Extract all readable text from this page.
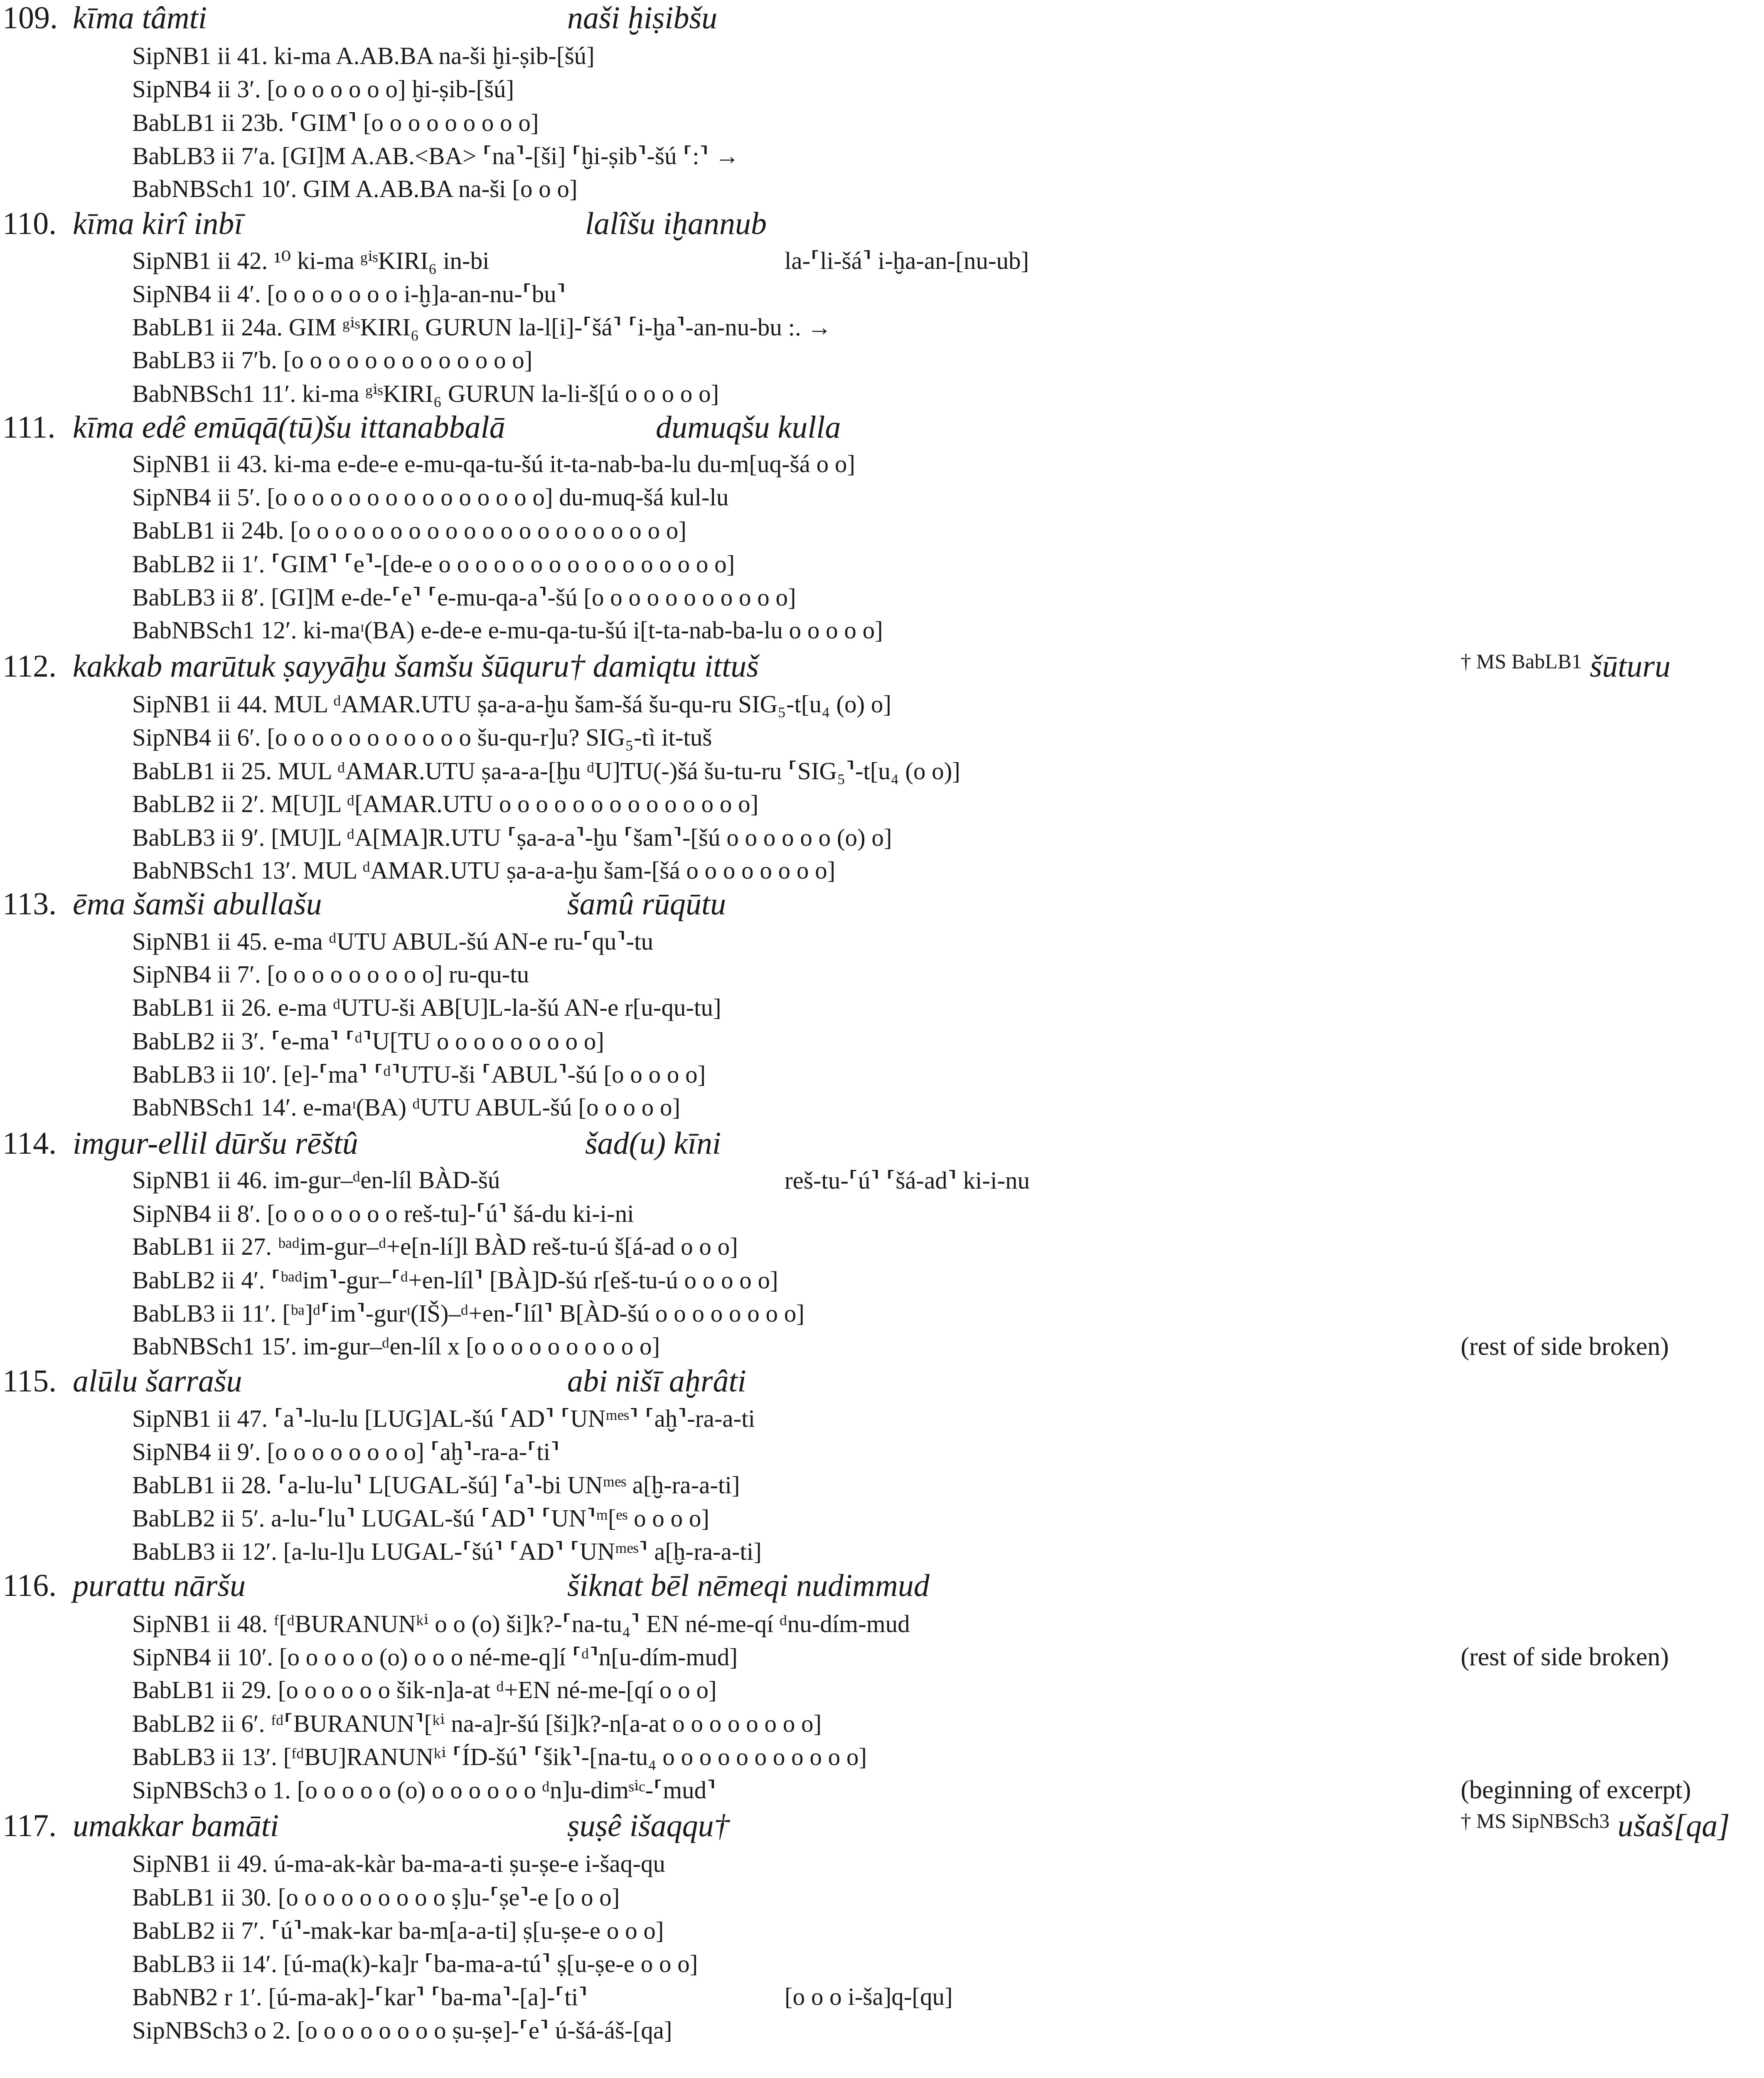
109. kīma tâmti	naši ḫiṣibšu
SipNB1 ii 41. ki-ma A.AB.BA na-ši ḫi-ṣib-[šú]
SipNB4 ii 3′. [o o o o o o o] ḫi-ṣib-[šú]
BabLB1 ii 23b. ⸢GIM⸣ [o o o o o o o o o]
BabLB3 ii 7′a. [GI]M A.AB.<BA> ⸢na⸣-[ši] ⸢ḫi-ṣib⸣-šú ⸢:⸣ →
BabNBSch1 10′. GIM A.AB.BA na-ši [o o o]
110. kīma kirî inbī	lalîšu iḫannub
SipNB1 ii 42. ¹⁰ ki-ma ᵍⁱˢKIRI₆ in-bi	la-⸢li-šá⸣ i-ḫa-an-[nu-ub]
SipNB4 ii 4′. [o o o o o o o i-ḫ]a-an-nu-⸢bu⸣
BabLB1 ii 24a. GIM ᵍⁱˢKIRI₆ GURUN la-l[i]-⸢šá⸣ ⸢i-ḫa⸣-an-nu-bu :. →
BabLB3 ii 7′b. [o o o o o o o o o o o o o]
BabNBSch1 11′. ki-ma ᵍⁱˢKIRI₆ GURUN la-li-š[ú o o o o o]
111. kīma edê emūqā(tū)šu ittanabbalā	dumuqšu kulla
SipNB1 ii 43. ki-ma e-de-e e-mu-qa-tu-šú it-ta-nab-ba-lu du-m[uq-šá o o]
SipNB4 ii 5′. [o o o o o o o o o o o o o o o] du-muq-šá kul-lu
BabLB1 ii 24b. [o o o o o o o o o o o o o o o o o o o o o]
BabLB2 ii 1′. ⸢GIM⸣ ⸢e⸣-[de-e o o o o o o o o o o o o o o o o]
BabLB3 ii 8′. [GI]M e-de-⸢e⸣ ⸢e-mu-qa-a⸣-šú [o o o o o o o o o o o]
BabNBSch1 12′. ki-maᶦ(BA) e-de-e e-mu-qa-tu-šú i[t-ta-nab-ba-lu o o o o o]
112. kakkab marūtuk ṣayyāḫu šamšu šūquru† damiqtu ittuš	$^{\dagger MS BabLB1}$ šūturu
SipNB1 ii 44. MUL ᵈAMAR.UTU ṣa-a-a-ḫu šam-šá šu-qu-ru SIG₅-t[u₄ (o) o]
SipNB4 ii 6′. [o o o o o o o o o o o šu-qu-r]u? SIG₅-tì it-tuš
BabLB1 ii 25. MUL ᵈAMAR.UTU ṣa-a-a-[ḫu ᵈU]TU(-)šá šu-tu-ru ⸢SIG₅⸣-t[u₄ (o o)]
BabLB2 ii 2′. M[U]L ᵈ[AMAR.UTU o o o o o o o o o o o o o o]
BabLB3 ii 9′. [MU]L ᵈA[MA]R.UTU ⸢ṣa-a-a⸣-ḫu ⸢šam⸣-[šú o o o o o o (o) o]
BabNBSch1 13′. MUL ᵈAMAR.UTU ṣa-a-a-ḫu šam-[šá o o o o o o o o]
113. ēma šamši abullašu	šamû rūqūtu
SipNB1 ii 45. e-ma ᵈUTU ABUL-šú AN-e ru-⸢qu⸣-tu
SipNB4 ii 7′. [o o o o o o o o o] ru-qu-tu
BabLB1 ii 26. e-ma ᵈUTU-ši AB[U]L-la-šú AN-e r[u-qu-tu]
BabLB2 ii 3′. ⸢e-ma⸣ ⸢ᵈ⸣U[TU o o o o o o o o o]
BabLB3 ii 10′. [e]-⸢ma⸣ ⸢ᵈ⸣UTU-ši ⸢ABUL⸣-šú [o o o o o]
BabNBSch1 14′. e-maᶦ(BA) ᵈUTU ABUL-šú [o o o o o]
114. imgur-ellil dūršu rēštû	šad(u) kīni
SipNB1 ii 46. im-gur–ᵈen-líl BÀD-šú	reš-tu-⸢ú⸣ ⸢šá-ad⸣ ki-i-nu
SipNB4 ii 8′. [o o o o o o o reš-tu]-⸢ú⸣ šá-du ki-i-ni
BabLB1 ii 27. ᵇᵃᵈim-gur–ᵈ+e[n-lí]l BÀD reš-tu-ú š[á-ad o o o]
BabLB2 ii 4′. ⸢ᵇᵃᵈim⸣-gur–⸢ᵈ+en-líl⸣ [BÀ]D-šú r[eš-tu-ú o o o o o]
BabLB3 ii 11′. [ᵇᵃ]ᵈ⸢im⸣-gurᶦ(IŠ)–ᵈ+en-⸢líl⸣ B[ÀD-šú o o o o o o o o]
BabNBSch1 15′. im-gur–ᵈen-líl x [o o o o o o o o o o]	(rest of side broken)
115. alūlu šarrašu	abi nišī aḫrâti
SipNB1 ii 47. ⸢a⸣-lu-lu [LUG]AL-šú ⸢AD⸣ ⸢UNᵐᵉˢ⸣ ⸢aḫ⸣-ra-a-ti
SipNB4 ii 9′. [o o o o o o o o] ⸢aḫ⸣-ra-a-⸢ti⸣
BabLB1 ii 28. ⸢a-lu-lu⸣ L[UGAL-šú] ⸢a⸣-bi UNᵐᵉˢ a[ḫ-ra-a-ti]
BabLB2 ii 5′. a-lu-⸢lu⸣ LUGAL-šú ⸢AD⸣ ⸢UN⸣ᵐ[ᵉˢ o o o o]
BabLB3 ii 12′. [a-lu-l]u LUGAL-⸢šú⸣ ⸢AD⸣ ⸢UNᵐᵉˢ⸣ a[ḫ-ra-a-ti]
116. purattu nāršu	šiknat bēl nēmeqi nudimmud
SipNB1 ii 48. ᶠ[ᵈBURANUNᵏⁱ o o (o) ši]k?-⸢na-tu₄⸣ EN né-me-qí ᵈnu-dím-mud
SipNB4 ii 10′. [o o o o o (o) o o o né-me-q]í ⸢ᵈ⸣n[u-dím-mud]	(rest of side broken)
BabLB1 ii 29. [o o o o o o šik-n]a-at ᵈ+EN né-me-[qí o o o]
BabLB2 ii 6′. ᶠᵈ⸢BURANUN⸣[ᵏⁱ na-a]r-šú [ši]k?-n[a-at o o o o o o o o]
BabLB3 ii 13′. [ᶠᵈBU]RANUNᵏⁱ ⸢ÍD-šú⸣ ⸢šik⸣-[na-tu₄ o o o o o o o o o o o]
SipNBSch3 o 1. [o o o o o (o) o o o o o o ᵈn]u-dimˢⁱᶜ-⸢mud⸣	(beginning of excerpt)
117. umakkar bamāti	ṣuṣê išaqqu†	$^{\dagger MS SipNBSch3}$ ušaš[qa]
SipNB1 ii 49. ú-ma-ak-kàr ba-ma-a-ti ṣu-ṣe-e i-šaq-qu
BabLB1 ii 30. [o o o o o o o o o ṣ]u-⸢ṣe⸣-e [o o o]
BabLB2 ii 7′. ⸢ú⸣-mak-kar ba-m[a-a-ti] ṣ[u-ṣe-e o o o]
BabLB3 ii 14′. [ú-ma(k)-ka]r ⸢ba-ma-a-tú⸣ ṣ[u-ṣe-e o o o]
BabNB2 r 1′. [ú-ma-ak]-⸢kar⸣ ⸢ba-ma⸣-[a]-⸢ti⸣	[o o o i-ša]q-[qu]
SipNBSch3 o 2. [o o o o o o o o ṣu-ṣe]-⸢e⸣ ú-šá-áš-[qa]
